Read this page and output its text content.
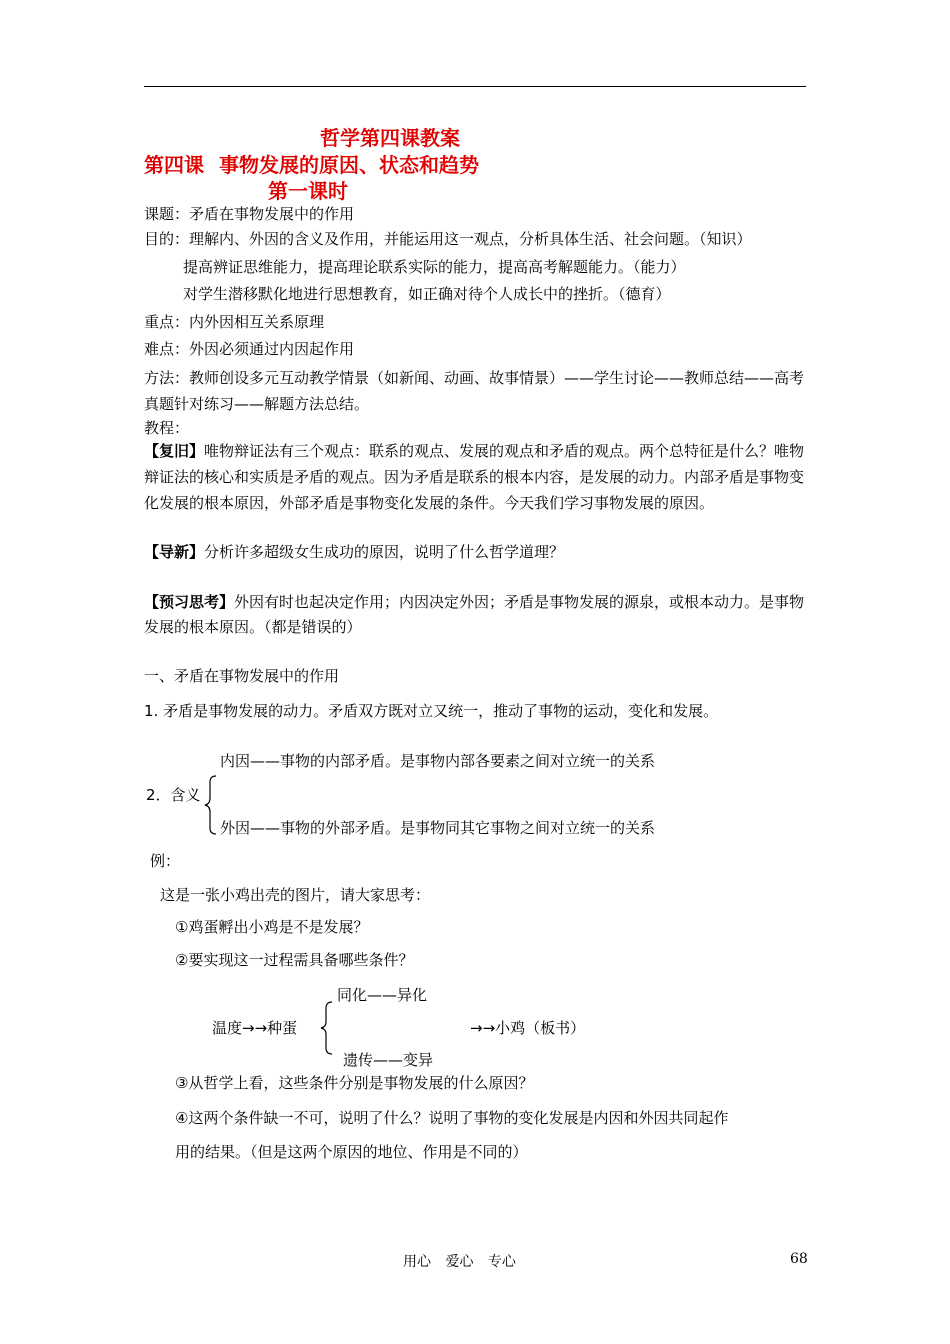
哲学第四课教案
第四课 事物发展的原因、状态和趋势
第一课时
课题：矛盾在事物发展中的作用
目的：理解内、外因的含义及作用，并能运用这一观点，分析具体生活、社会问题。（知识）
提高辨证思维能力，提高理论联系实际的能力，提高高考解题能力。（能力）
对学生潜移默化地进行思想教育，如正确对待个人成长中的挫折。（德育）
重点：内外因相互关系原理
难点：外因必须通过内因起作用
方法：教师创设多元互动教学情景（如新闻、动画、故事情景）——学生讨论——教师总结——高考真题针对练习——解题方法总结。
教程：
【复旧】唯物辩证法有三个观点：联系的观点、发展的观点和矛盾的观点。两个总特征是什么？唯物辩证法的核心和实质是矛盾的观点。因为矛盾是联系的根本内容，是发展的动力。内部矛盾是事物变化发展的根本原因，外部矛盾是事物变化发展的条件。今天我们学习事物发展的原因。
【导新】分析许多超级女生成功的原因，说明了什么哲学道理？
【预习思考】外因有时也起决定作用；内因决定外因；矛盾是事物发展的源泉，或根本动力。是事物发展的根本原因。（都是错误的）
一、矛盾在事物发展中的作用
1. 矛盾是事物发展的动力。矛盾双方既对立又统一，推动了事物的运动，变化和发展。
内因——事物的内部矛盾。是事物内部各要素之间对立统一的关系
2．含义
外因——事物的外部矛盾。是事物同其它事物之间对立统一的关系
例：
这是一张小鸡出壳的图片，请大家思考：
①鸡蛋孵出小鸡是不是发展？
②要实现这一过程需具备哪些条件？
同化——异化
温度→→种蛋	→→小鸡（板书）
遗传——变异
③从哲学上看，这些条件分别是事物发展的什么原因？
④这两个条件缺一不可，说明了什么？说明了事物的变化发展是内因和外因共同起作
用的结果。（但是这两个原因的地位、作用是不同的）
用心 爱心 专心	68
